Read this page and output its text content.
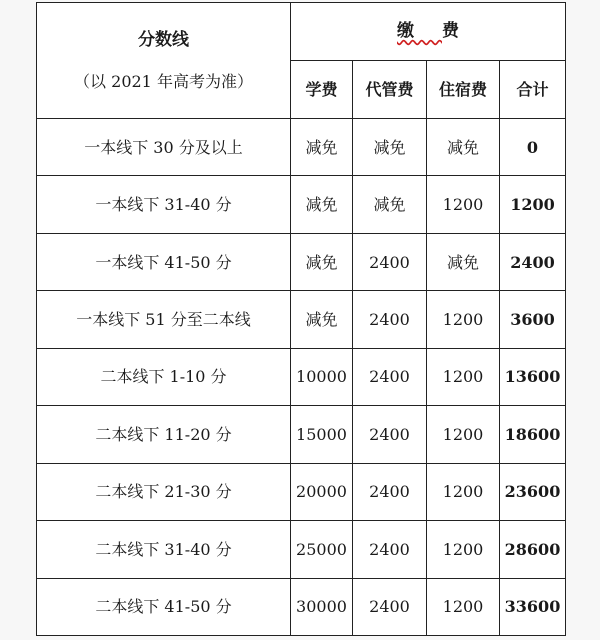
分数线
（以 2021 年高考为准）	缴费			
	学费	代管费	住宿费	合计
一本线下 30 分及以上	减免	减免	减免	0
一本线下 31-40 分	减免	减免	1200	1200
一本线下 41-50 分	减免	2400	减免	2400
一本线下 51 分至二本线	减免	2400	1200	3600
二本线下 1-10 分	10000	2400	1200	13600
二本线下 11-20 分	15000	2400	1200	18600
二本线下 21-30 分	20000	2400	1200	23600
二本线下 31-40 分	25000	2400	1200	28600
二本线下 41-50 分	30000	2400	1200	33600
